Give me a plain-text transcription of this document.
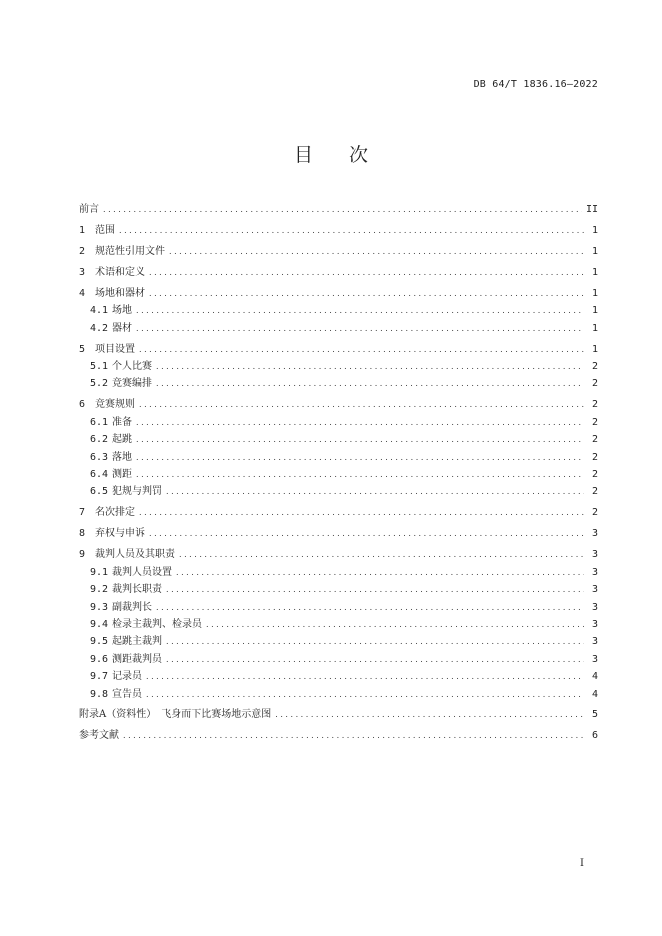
DB 64/T 1836.16—2022
目 次
前言 . . .	II
1 范围 . . .	1
2 规范性引用文件 . . .	1
3 术语和定义 . . .	1
4 场地和器材 . . .	1
4.1 场地 . . .	1
4.2 器材 . . .	1
5 项目设置 . . .	1
5.1 个人比赛 . . .	2
5.2 竞赛编排 . . .	2
6 竞赛规则 . . .	2
6.1 准备 . . .	2
6.2 起跳 . . .	2
6.3 落地 . . .	2
6.4 测距 . . .	2
6.5 犯规与判罚 . . .	2
7 名次排定 . . .	2
8 弃权与申诉 . . .	3
9 裁判人员及其职责 . . .	3
9.1 裁判人员设置 . . .	3
9.2 裁判长职责 . . .	3
9.3 副裁判长 . . .	3
9.4 检录主裁判、检录员 . . .	3
9.5 起跳主裁判 . . .	3
9.6 测距裁判员 . . .	3
9.7 记录员 . . .	4
9.8 宣告员 . . .	4
附录A（资料性）　飞身而下比赛场地示意图 . . .	5
参考文献 . . .	6
I
